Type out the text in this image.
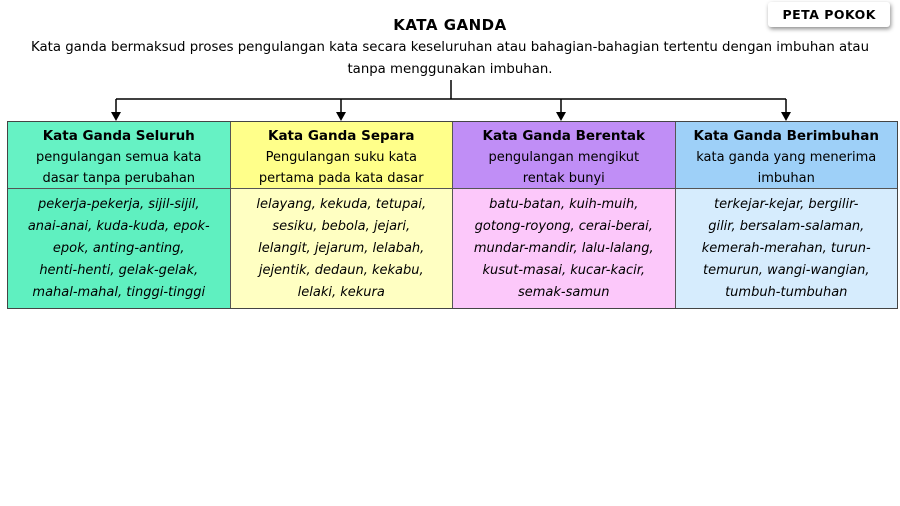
PETA POKOK
KATA GANDA
Kata ganda bermaksud proses pengulangan kata secara keseluruhan atau bahagian-bahagian tertentu dengan imbuhan atau
tanpa menggunakan imbuhan.
Kata Ganda Seluruh
pengulangan semua kata
dasar tanpa perubahan
pekerja-pekerja, sijil-sijil,
anai-anai, kuda-kuda, epok-
epok, anting-anting,
henti-henti, gelak-gelak,
mahal-mahal, tinggi-tinggi
Kata Ganda Separa
Pengulangan suku kata
pertama pada kata dasar
lelayang, kekuda, tetupai,
sesiku, bebola, jejari,
lelangit, jejarum, lelabah,
jejentik, dedaun, kekabu,
lelaki, kekura
Kata Ganda Berentak
pengulangan mengikut
rentak bunyi
batu-batan, kuih-muih,
gotong-royong, cerai-berai,
mundar-mandir, lalu-lalang,
kusut-masai, kucar-kacir,
semak-samun
Kata Ganda Berimbuhan
kata ganda yang menerima
imbuhan
terkejar-kejar, bergilir-
gilir, bersalam-salaman,
kemerah-merahan, turun-
temurun, wangi-wangian,
tumbuh-tumbuhan
